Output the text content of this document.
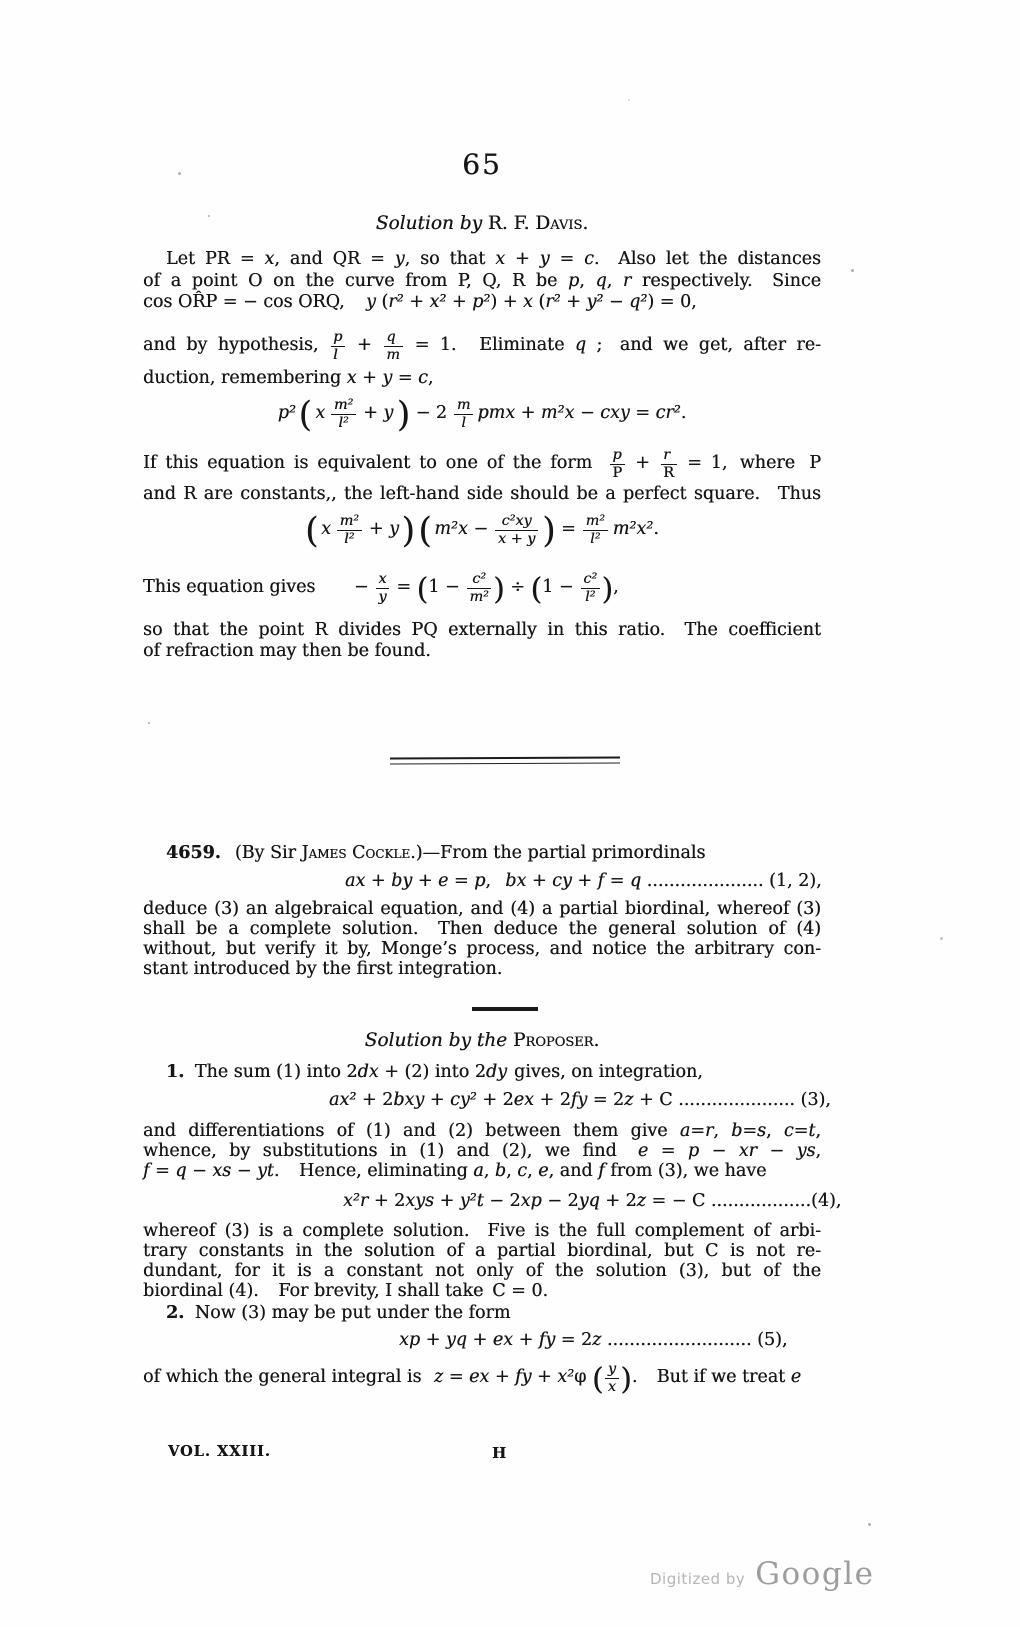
65
Solution by R. F. Davis.
Let PR = x, and QR = y, so that x + y = c. Also let the distances
of a point O on the curve from P, Q, R be p, q, r respectively. Since
cos OR̂P = − cos ORQ, y (r² + x² + p²) + x (r² + y² − q²) = 0,
and by hypothesis, $\frac{p}{l} + \frac{q}{m} = 1$. Eliminate q ; and we get, after re-
duction, remembering x + y = c,
p²( x $\frac{\text{m²}}{\text{l²}} + y$ ) − $2 \frac{m}{l}$ pmx + m²x − cxy = cr².
If this equation is equivalent to one of the form $\frac{p}{P} + \frac{r}{R} = 1$, where P
and R are constants,, the left-hand side should be a perfect square. Thus
( x $\frac{\text{m²}}{\text{l²}} + y$) ( $m^2x - \frac{\text{c²xy}}{x + y}$ ) = $\frac{\text{m²}}{\text{l²}} m^2x^2$.
This equation gives − $\frac{x}{y} = (1 - \frac{\text{c²}}{\text{m²}}$ ) ÷ ($1 - \frac{\text{c²}}{\text{l²}}$ ),
so that the point R divides PQ externally in this ratio. The coefficient
of refraction may then be found.
4659. (By Sir James Cockle.)—From the partial primordinals
ax + by + e = p, bx + cy + f = q ..................... (1, 2),
deduce (3) an algebraical equation, and (4) a partial biordinal, whereof (3)
shall be a complete solution. Then deduce the general solution of (4)
without, but verify it by, Monge’s process, and notice the arbitrary con-
stant introduced by the first integration.
Solution by the Proposer.
1. The sum (1) into 2dx + (2) into 2dy gives, on integration,
ax² + 2bxy + cy² + 2ex + 2fy = 2z + C ..................... (3),
and differentiations of (1) and (2) between them give a=r, b=s, c=t,
whence, by substitutions in (1) and (2), we find e = p − xr − ys,
f = q − xs − yt. Hence, eliminating a, b, c, e, and f from (3), we have
x²r + 2xys + y²t − 2xp − 2yq + 2z = − C ..................(4),
whereof (3) is a complete solution. Five is the full complement of arbi-
trary constants in the solution of a partial biordinal, but C is not re-
dundant, for it is a constant not only of the solution (3), but of the
biordinal (4). For brevity, I shall take C = 0.
2. Now (3) may be put under the form
xp + yq + ex + fy = 2z .......................... (5),
of which the general integral is z = ex + fy + x²φ ( $\frac{y}{x}$ ). But if we treat e
VOL. XXIII.	H
Digitized by Google
